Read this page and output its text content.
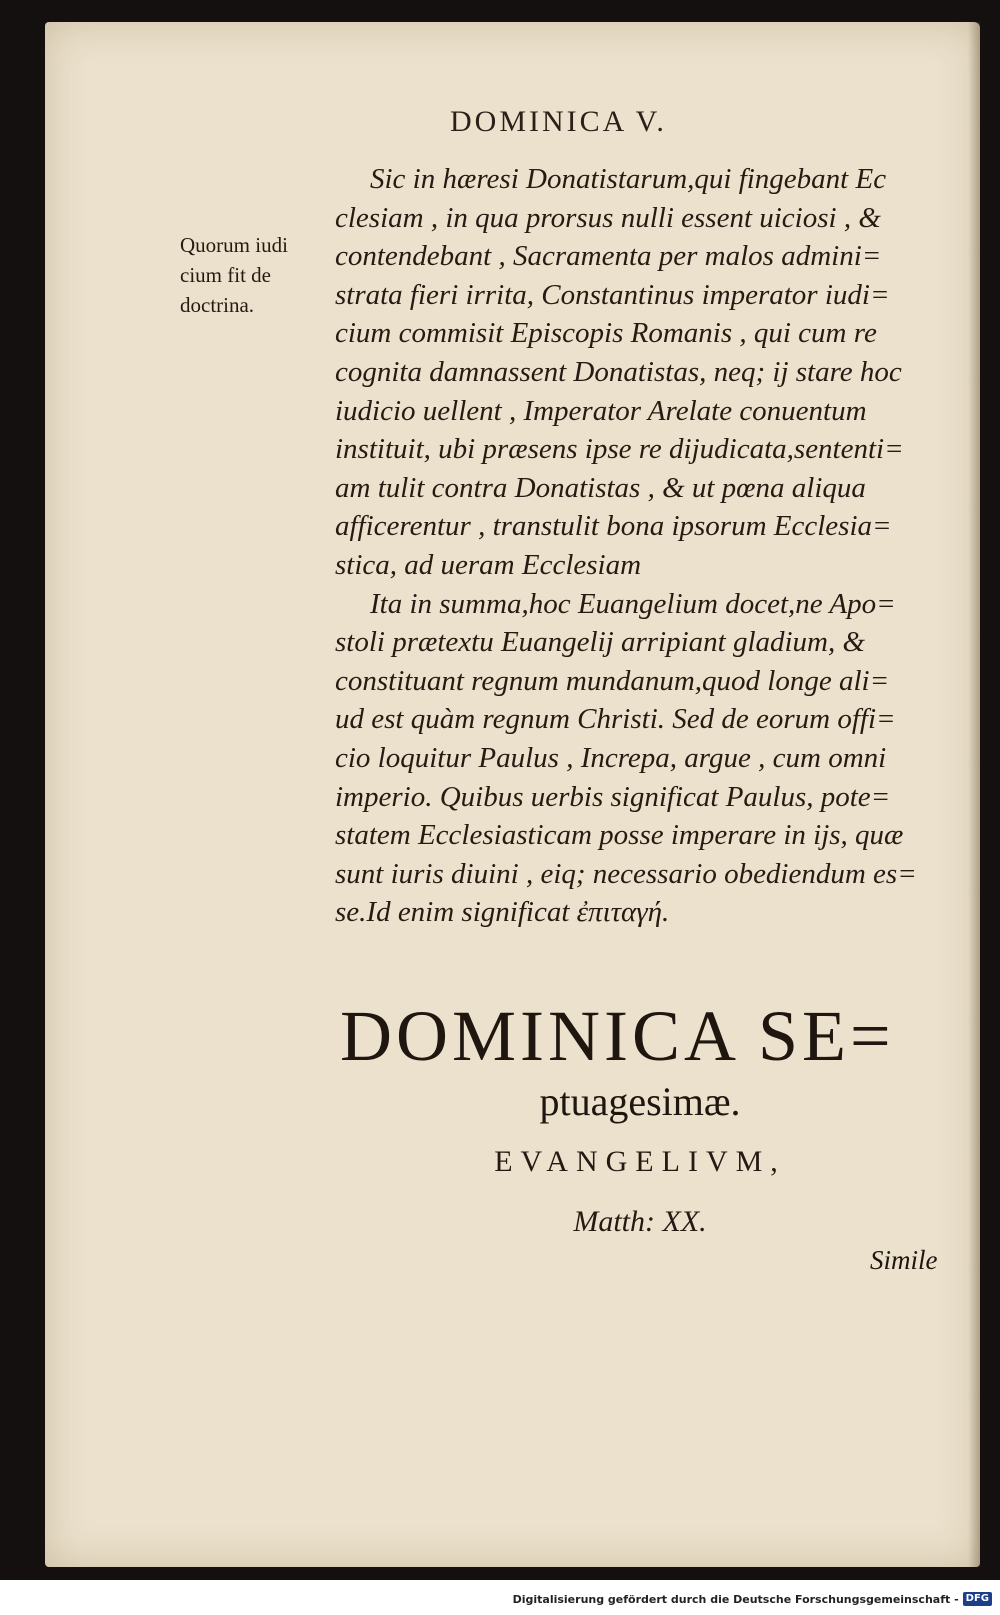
DOMINICA V.
Quorum iudi
cium fit de
doctrina.
Sic in hæresi Donatistarum,qui fingebant Ec
clesiam , in qua prorsus nulli essent uiciosi , &
contendebant , Sacramenta per malos admini=
strata fieri irrita, Constantinus imperator iudi=
cium commisit Episcopis Romanis , qui cum re
cognita damnassent Donatistas, neq; ij stare hoc
iudicio uellent , Imperator Arelate conuentum
instituit, ubi præsens ipse re dijudicata,sententi=
am tulit contra Donatistas , & ut pœna aliqua
afficerentur , transtulit bona ipsorum Ecclesia=
stica, ad ueram Ecclesiam
Ita in summa,hoc Euangelium docet,ne Apo=
stoli prætextu Euangelij arripiant gladium, &
constituant regnum mundanum,quod longe ali=
ud est quàm regnum Christi. Sed de eorum offi=
cio loquitur Paulus , Increpa, argue , cum omni
imperio. Quibus uerbis significat Paulus, pote=
statem Ecclesiasticam posse imperare in ijs, quæ
sunt iuris diuini , eiq; necessario obediendum es=
se.Id enim significat ἐπιταγή.
DOMINICA SE=
ptuagesimæ.
EVANGELIVM,
Matth: XX.
Simile
Digitalisierung gefördert durch die Deutsche Forschungsgemeinschaft - DFG
